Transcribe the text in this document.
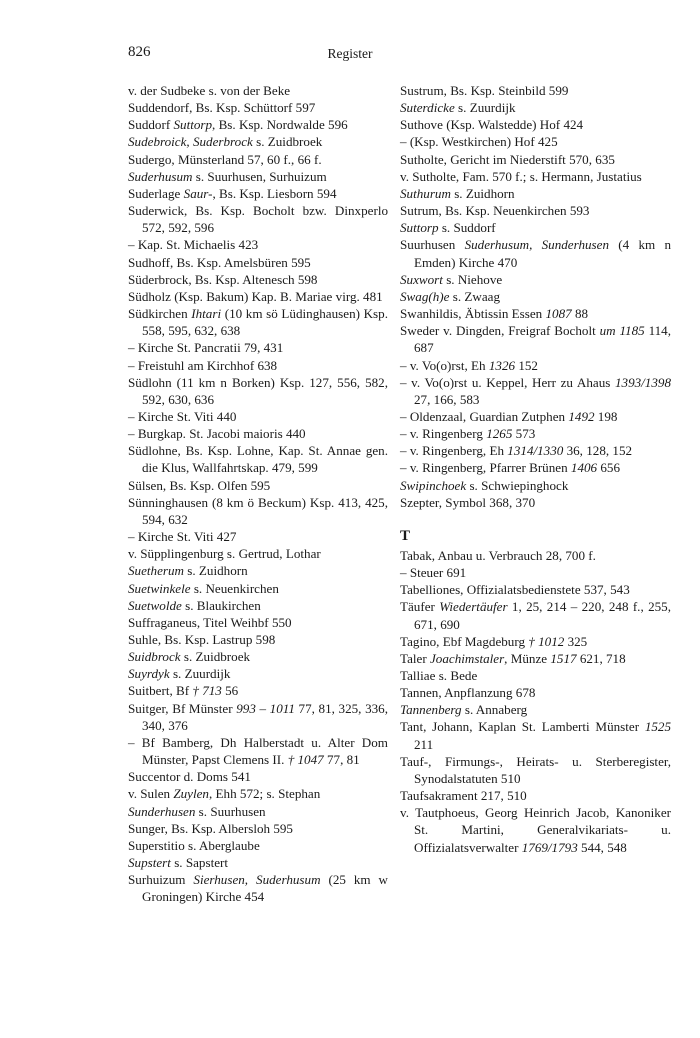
826	Register
v. der Sudbeke s. von der Beke
Suddendorf, Bs. Ksp. Schüttorf 597
Suddorf Suttorp, Bs. Ksp. Nordwalde 596
Sudebroick, Suderbrock s. Zuidbroek
Sudergo, Münsterland 57, 60 f., 66 f.
Suderhusum s. Suurhusen, Surhuizum
Suderlage Saur-, Bs. Ksp. Liesborn 594
Suderwick, Bs. Ksp. Bocholt bzw. Dinxperlo 572, 592, 596
– Kap. St. Michaelis 423
Sudhoff, Bs. Ksp. Amelsbüren 595
Süderbrock, Bs. Ksp. Altenesch 598
Südholz (Ksp. Bakum) Kap. B. Mariae virg. 481
Südkirchen Ihtari (10 km sö Lüdinghausen) Ksp. 558, 595, 632, 638
– Kirche St. Pancratii 79, 431
– Freistuhl am Kirchhof 638
Südlohn (11 km n Borken) Ksp. 127, 556, 582, 592, 630, 636
– Kirche St. Viti 440
– Burgkap. St. Jacobi maioris 440
Südlohne, Bs. Ksp. Lohne, Kap. St. Annae gen. die Klus, Wallfahrtskap. 479, 599
Sülsen, Bs. Ksp. Olfen 595
Sünninghausen (8 km ö Beckum) Ksp. 413, 425, 594, 632
– Kirche St. Viti 427
v. Süpplingenburg s. Gertrud, Lothar
Suetherum s. Zuidhorn
Suetwinkele s. Neuenkirchen
Suetwolde s. Blaukirchen
Suffraganeus, Titel Weihbf 550
Suhle, Bs. Ksp. Lastrup 598
Suidbrock s. Zuidbroek
Suyrdyk s. Zuurdijk
Suitbert, Bf † 713 56
Suitger, Bf Münster 993 – 1011 77, 81, 325, 336, 340, 376
– Bf Bamberg, Dh Halberstadt u. Alter Dom Münster, Papst Clemens II. † 1047 77, 81
Succentor d. Doms 541
v. Sulen Zuylen, Ehh 572; s. Stephan
Sunderhusen s. Suurhusen
Sunger, Bs. Ksp. Albersloh 595
Superstitio s. Aberglaube
Supstert s. Sapstert
Surhuizum Sierhusen, Suderhusum (25 km w Groningen) Kirche 454
Sustrum, Bs. Ksp. Steinbild 599
Suterdicke s. Zuurdijk
Suthove (Ksp. Walstedde) Hof 424
– (Ksp. Westkirchen) Hof 425
Sutholte, Gericht im Niederstift 570, 635
v. Sutholte, Fam. 570 f.; s. Hermann, Justatius
Suthurum s. Zuidhorn
Sutrum, Bs. Ksp. Neuenkirchen 593
Suttorp s. Suddorf
Suurhusen Suderhusum, Sunderhusen (4 km n Emden) Kirche 470
Suxwort s. Niehove
Swag(h)e s. Zwaag
Swanhildis, Äbtissin Essen 1087 88
Sweder v. Dingden, Freigraf Bocholt um 1185 114, 687
– v. Vo(o)rst, Eh 1326 152
– v. Vo(o)rst u. Keppel, Herr zu Ahaus 1393/1398 27, 166, 583
– Oldenzaal, Guardian Zutphen 1492 198
– v. Ringenberg 1265 573
– v. Ringenberg, Eh 1314/1330 36, 128, 152
– v. Ringenberg, Pfarrer Brünen 1406 656
Swipinchoek s. Schwiepinghock
Szepter, Symbol 368, 370
T
Tabak, Anbau u. Verbrauch 28, 700 f.
– Steuer 691
Tabelliones, Offizialatsbedienstete 537, 543
Täufer Wiedertäufer 1, 25, 214 – 220, 248 f., 255, 671, 690
Tagino, Ebf Magdeburg † 1012 325
Taler Joachimstaler, Münze 1517 621, 718
Talliae s. Bede
Tannen, Anpflanzung 678
Tannenberg s. Annaberg
Tant, Johann, Kaplan St. Lamberti Münster 1525 211
Tauf-, Firmungs-, Heirats- u. Sterberegister, Synodalstatuten 510
Taufsakrament 217, 510
v. Tautphoeus, Georg Heinrich Jacob, Kanoniker St. Martini, Generalvikariats- u. Offizialatsverwalter 1769/1793 544, 548
